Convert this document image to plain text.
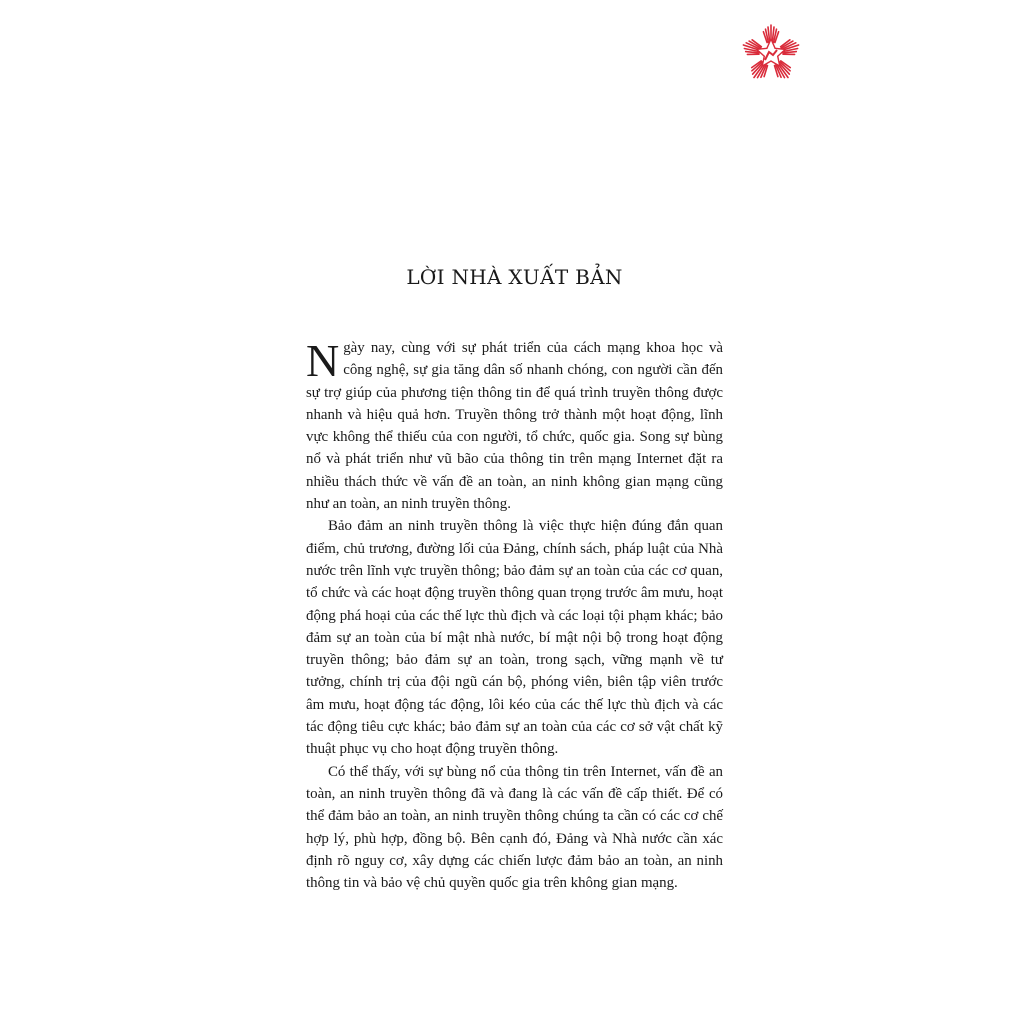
LỜI NHÀ XUẤT BẢN

Ngày nay, cùng với sự phát triển của cách mạng khoa học và công nghệ, sự gia tăng dân số nhanh chóng, con người cần đến sự trợ giúp của phương tiện thông tin để quá trình truyền thông được nhanh và hiệu quả hơn. Truyền thông trở thành một hoạt động, lĩnh vực không thể thiếu của con người, tổ chức, quốc gia. Song sự bùng nổ và phát triển như vũ bão của thông tin trên mạng Internet đặt ra nhiều thách thức về vấn đề an toàn, an ninh không gian mạng cũng như an toàn, an ninh truyền thông.

Bảo đảm an ninh truyền thông là việc thực hiện đúng đắn quan điểm, chủ trương, đường lối của Đảng, chính sách, pháp luật của Nhà nước trên lĩnh vực truyền thông; bảo đảm sự an toàn của các cơ quan, tổ chức và các hoạt động truyền thông quan trọng trước âm mưu, hoạt động phá hoại của các thế lực thù địch và các loại tội phạm khác; bảo đảm sự an toàn của bí mật nhà nước, bí mật nội bộ trong hoạt động truyền thông; bảo đảm sự an toàn, trong sạch, vững mạnh về tư tưởng, chính trị của đội ngũ cán bộ, phóng viên, biên tập viên trước âm mưu, hoạt động tác động, lôi kéo của các thế lực thù địch và các tác động tiêu cực khác; bảo đảm sự an toàn của các cơ sở vật chất kỹ thuật phục vụ cho hoạt động truyền thông.

Có thể thấy, với sự bùng nổ của thông tin trên Internet, vấn đề an toàn, an ninh truyền thông đã và đang là các vấn đề cấp thiết. Để có thể đảm bảo an toàn, an ninh truyền thông chúng ta cần có các cơ chế hợp lý, phù hợp, đồng bộ. Bên cạnh đó, Đảng và Nhà nước cần xác định rõ nguy cơ, xây dựng các chiến lược đảm bảo an toàn, an ninh thông tin và bảo vệ chủ quyền quốc gia trên không gian mạng.
